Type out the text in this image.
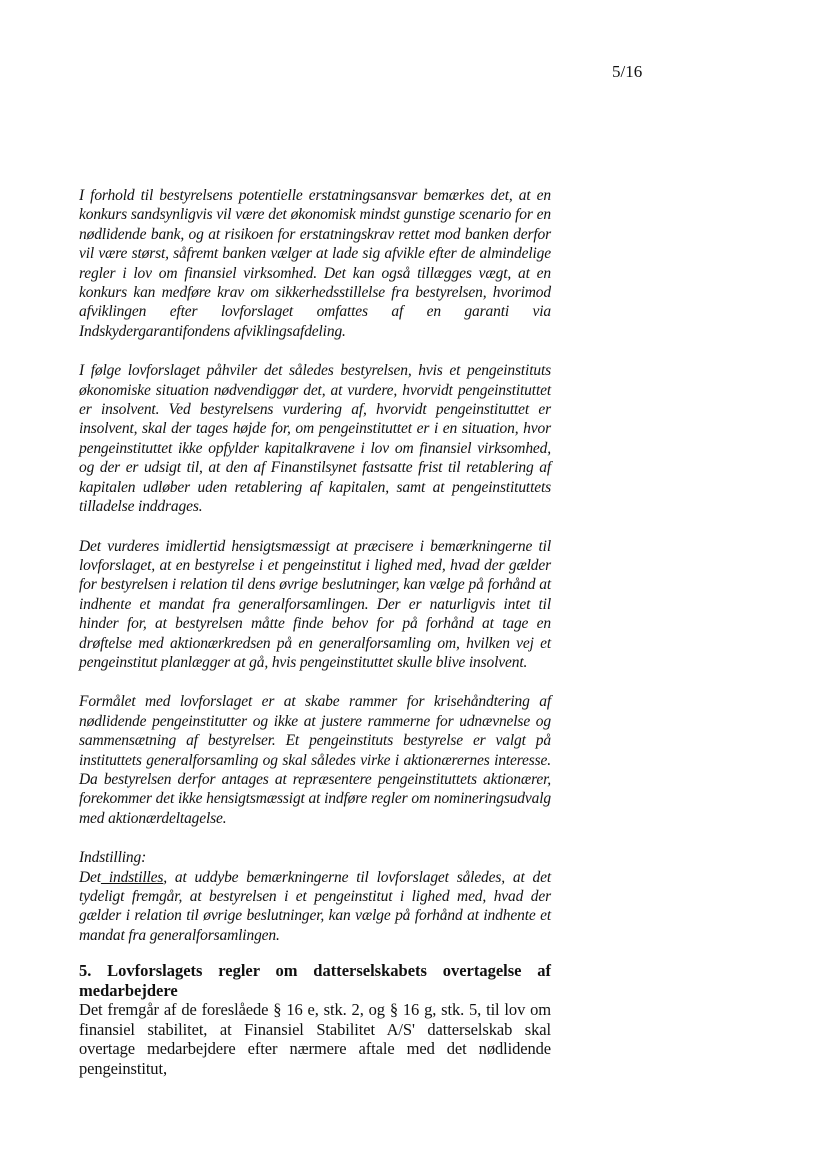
5/16

I forhold til bestyrelsens potentielle erstatningsansvar bemærkes det, at en konkurs sandsynligvis vil være det økonomisk mindst gunstige scenario for en nødlidende bank, og at risikoen for erstatningskrav rettet mod banken derfor vil være størst, såfremt banken vælger at lade sig afvikle efter de almindelige regler i lov om finansiel virksomhed. Det kan også tillægges vægt, at en konkurs kan medføre krav om sikkerhedsstillelse fra bestyrelsen, hvorimod afviklingen efter lovforslaget omfattes af en garanti via Indskydergarantifondens afviklingsafdeling.

I følge lovforslaget påhviler det således bestyrelsen, hvis et pengeinstituts økonomiske situation nødvendiggør det, at vurdere, hvorvidt pengeinstituttet er insolvent. Ved bestyrelsens vurdering af, hvorvidt pengeinstituttet er insolvent, skal der tages højde for, om pengeinstituttet er i en situation, hvor pengeinstituttet ikke opfylder kapitalkravene i lov om finansiel virksomhed, og der er udsigt til, at den af Finanstilsynet fastsatte frist til retablering af kapitalen udløber uden retablering af kapitalen, samt at pengeinstituttets tilladelse inddrages.

Det vurderes imidlertid hensigtsmæssigt at præcisere i bemærkningerne til lovforslaget, at en bestyrelse i et pengeinstitut i lighed med, hvad der gælder for bestyrelsen i relation til dens øvrige beslutninger, kan vælge på forhånd at indhente et mandat fra generalforsamlingen. Der er naturligvis intet til hinder for, at bestyrelsen måtte finde behov for på forhånd at tage en drøftelse med aktionærkredsen på en generalforsamling om, hvilken vej et pengeinstitut planlægger at gå, hvis pengeinstituttet skulle blive insolvent.

Formålet med lovforslaget er at skabe rammer for krisehåndtering af nødlidende pengeinstitutter og ikke at justere rammerne for udnævnelse og sammensætning af bestyrelser. Et pengeinstituts bestyrelse er valgt på instituttets generalforsamling og skal således virke i aktionærernes interesse. Da bestyrelsen derfor antages at repræsentere pengeinstituttets aktionærer, forekommer det ikke hensigtsmæssigt at indføre regler om nomineringsudvalg med aktionærdeltagelse.

Indstilling:
Det indstilles, at uddybe bemærkningerne til lovforslaget således, at det tydeligt fremgår, at bestyrelsen i et pengeinstitut i lighed med, hvad der gælder i relation til øvrige beslutninger, kan vælge på forhånd at indhente et mandat fra generalforsamlingen.
5. Lovforslagets regler om datterselskabets overtagelse af medarbejdere

Det fremgår af de foreslåede § 16 e, stk. 2, og § 16 g, stk. 5, til lov om finansiel stabilitet, at Finansiel Stabilitet A/S' datterselskab skal overtage medarbejdere efter nærmere aftale med det nødlidende pengeinstitut,
